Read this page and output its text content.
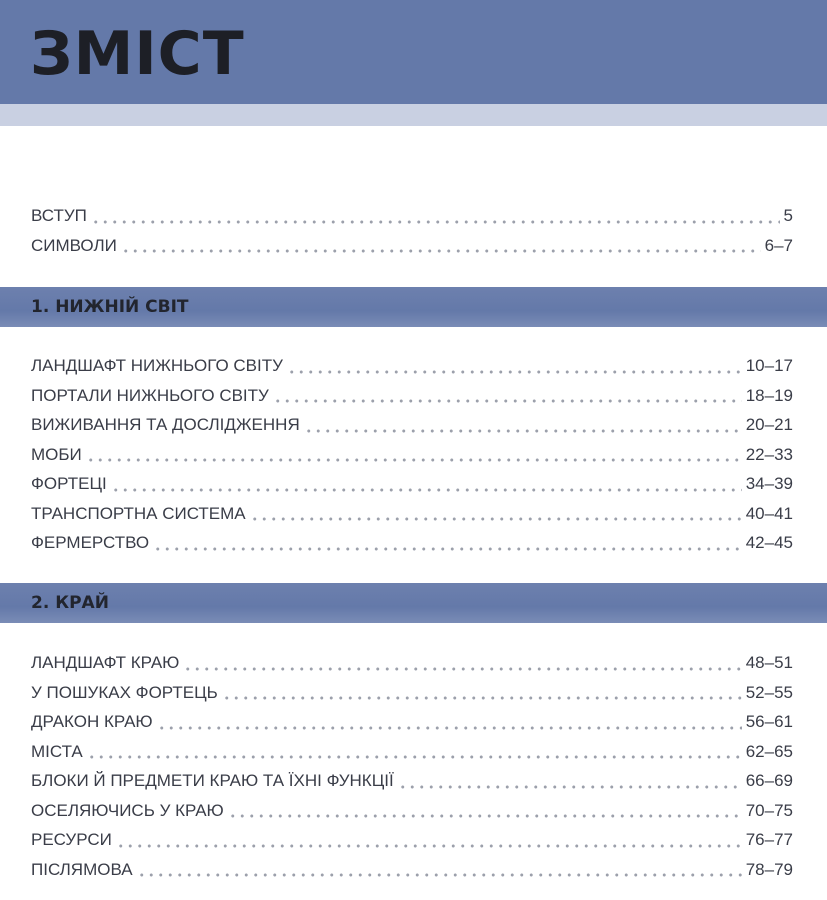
ЗМІСТ
ВСТУП	5
СИМВОЛИ	6–7
1. НИЖНІЙ СВІТ
ЛАНДШАФТ НИЖНЬОГО СВІТУ	10–17
ПОРТАЛИ НИЖНЬОГО СВІТУ	18–19
ВИЖИВАННЯ ТА ДОСЛІДЖЕННЯ	20–21
МОБИ	22–33
ФОРТЕЦІ	34–39
ТРАНСПОРТНА СИСТЕМА	40–41
ФЕРМЕРСТВО	42–45
2. КРАЙ
ЛАНДШАФТ КРАЮ	48–51
У ПОШУКАХ ФОРТЕЦЬ	52–55
ДРАКОН КРАЮ	56–61
МІСТА	62–65
БЛОКИ Й ПРЕДМЕТИ КРАЮ ТА ЇХНІ ФУНКЦІЇ	66–69
ОСЕЛЯЮЧИСЬ У КРАЮ	70–75
РЕСУРСИ	76–77
ПІСЛЯМОВА	78–79
